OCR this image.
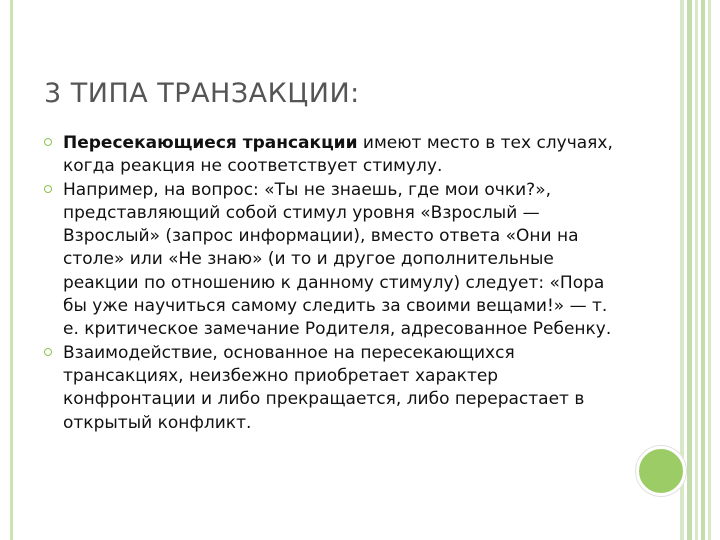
3 ТИПА ТРАНЗАКЦИИ:
Пересекающиеся трансакции имеют место в тех случаях, когда реакция не соответствует стимулу.
Например, на вопрос: «Ты не знаешь, где мои очки?», представляющий собой стимул уровня «Взрослый — Взрослый» (запрос информации), вместо ответа «Они на столе» или «Не знаю» (и то и другое дополнительные реакции по отношению к данному стимулу) следует: «Пора бы уже научиться самому следить за своими вещами!» — т. е. критическое замечание Родителя, адресованное Ребенку.
Взаимодействие, основанное на пересекающихся трансакциях, неизбежно приобретает характер конфронтации и либо прекращается, либо перерастает в открытый конфликт.
